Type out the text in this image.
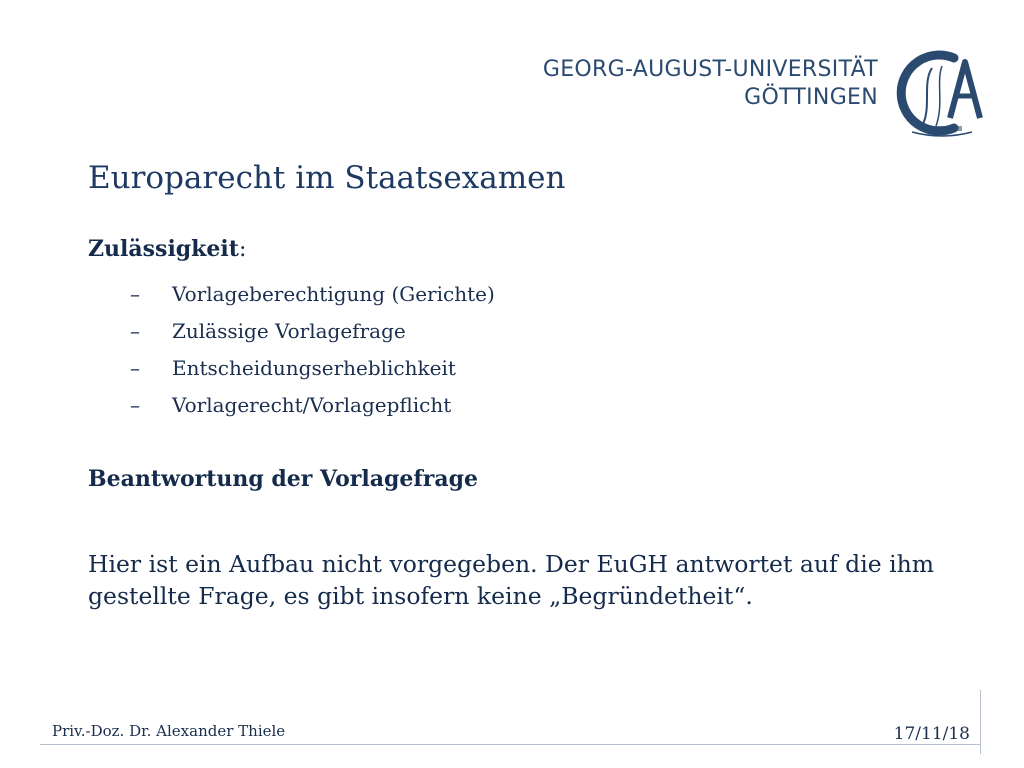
GEORG-AUGUST-UNIVERSITÄT
GÖTTINGEN
Europarecht im Staatsexamen
Zulässigkeit:
– Vorlageberechtigung (Gerichte)
– Zulässige Vorlagefrage
– Entscheidungserheblichkeit
– Vorlagerecht/Vorlagepflicht
Beantwortung der Vorlagefrage

Hier ist ein Aufbau nicht vorgegeben. Der EuGH antwortet auf die ihm gestellte Frage, es gibt insofern keine „Begründetheit“.

Priv.-Doz. Dr. Alexander Thiele	17/11/18
